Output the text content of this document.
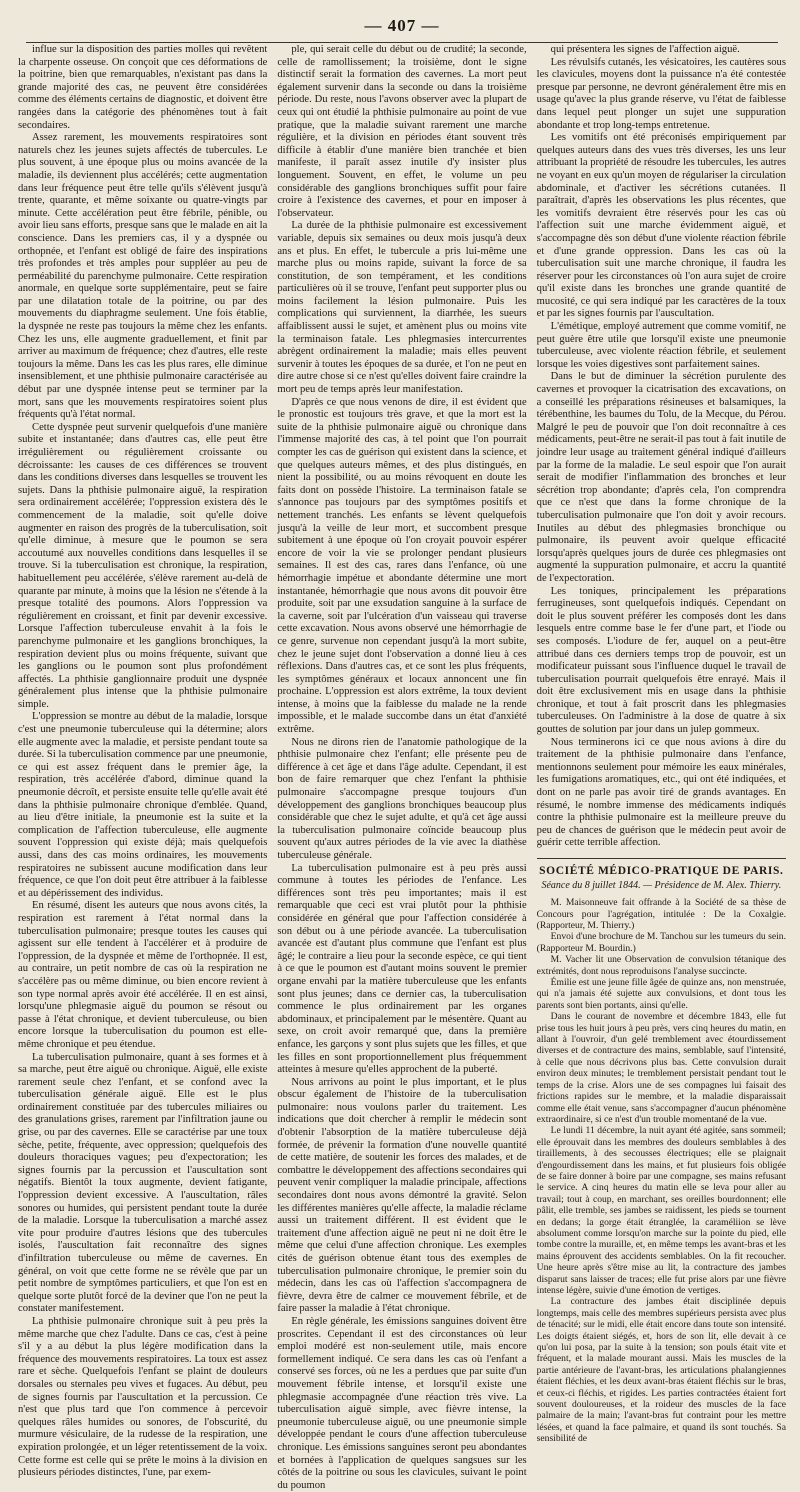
— 407 —

influe sur la disposition des parties molles qui revêtent la charpente osseuse. On conçoit que ces déformations de la poitrine, bien que remarquables, n'existant pas dans la grande majorité des cas, ne peuvent être considérées comme des éléments certains de diagnostic, et doivent être rangées dans la catégorie des phénomènes tout à fait secondaires.

Assez rarement, les mouvements respiratoires sont naturels chez les jeunes sujets affectés de tubercules. Le plus souvent, à une époque plus ou moins avancée de la maladie, ils deviennent plus accélérés; cette augmentation dans leur fréquence peut être telle qu'ils s'élèvent jusqu'à trente, quarante, et même soixante ou quatre-vingts par minute. Cette accélération peut être fébrile, pénible, ou avoir lieu sans efforts, presque sans que le malade en ait la conscience. Dans les premiers cas, il y a dyspnée ou orthopnée, et l'enfant est obligé de faire des inspirations très profondes et très amples pour suppléer au peu de perméabilité du parenchyme pulmonaire. Cette respiration anormale, en quelque sorte supplémentaire, peut se faire par une dilatation totale de la poitrine, ou par des mouvements du diaphragme seulement. Une fois établie, la dyspnée ne reste pas toujours la même chez les enfants. Chez les uns, elle augmente graduellement, et finit par arriver au maximum de fréquence; chez d'autres, elle reste toujours la même. Dans les cas les plus rares, elle diminue insensiblement, et une phthisie pulmonaire caractérisée au début par une dyspnée intense peut se terminer par la mort, sans que les mouvements respiratoires soient plus fréquents qu'à l'état normal.

Cette dyspnée peut survenir quelquefois d'une manière subite et instantanée; dans d'autres cas, elle peut être irrégulièrement ou régulièrement croissante ou décroissante: les causes de ces différences se trouvent dans les conditions diverses dans lesquelles se trouvent les sujets. Dans la phthisie pulmonaire aiguë, la respiration sera ordinairement accélérée; l'oppression existera dès le commencement de la maladie, soit qu'elle doive augmenter en raison des progrès de la tuberculisation, soit qu'elle diminue, à mesure que le poumon se sera accoutumé aux nouvelles conditions dans lesquelles il se trouve. Si la tuberculisation est chronique, la respiration, habituellement peu accélérée, s'élève rarement au-delà de quarante par minute, à moins que la lésion ne s'étende à la presque totalité des poumons. Alors l'oppression va régulièrement en croissant, et finit par devenir excessive. Lorsque l'affection tuberculeuse envahit à la fois le parenchyme pulmonaire et les ganglions bronchiques, la respiration devient plus ou moins fréquente, suivant que les ganglions ou le poumon sont plus profondément affectés. La phthisie ganglionnaire produit une dyspnée généralement plus intense que la phthisie pulmonaire simple.

L'oppression se montre au début de la maladie, lorsque c'est une pneumonie tuberculeuse qui la détermine; alors elle augmente avec la maladie, et persiste pendant toute sa durée. Si la tuberculisation commence par une pneumonie, ce qui est assez fréquent dans le premier âge, la respiration, très accélérée d'abord, diminue quand la pneumonie décroît, et persiste ensuite telle qu'elle avait été dans la phthisie pulmonaire chronique d'emblée. Quand, au lieu d'être initiale, la pneumonie est la suite et la complication de l'affection tuberculeuse, elle augmente souvent l'oppression qui existe déjà; mais quelquefois aussi, dans des cas moins ordinaires, les mouvements respiratoires ne subissent aucune modification dans leur fréquence, ce que l'on doit peut être attribuer à la faiblesse et au dépérissement des individus.

En résumé, disent les auteurs que nous avons cités, la respiration est rarement à l'état normal dans la tuberculisation pulmonaire; presque toutes les causes qui agissent sur elle tendent à l'accélérer et à produire de l'oppression, de la dyspnée et même de l'orthopnée. Il est, au contraire, un petit nombre de cas où la respiration ne s'accélère pas ou même diminue, ou bien encore revient à son type normal après avoir été accélérée. Il en est ainsi, lorsqu'une phlegmasie aiguë du poumon se résout ou passe à l'état chronique, et devient tuberculeuse, ou bien encore lorsque la tuberculisation du poumon est elle-même chronique et peu étendue.

La tuberculisation pulmonaire, quant à ses formes et à sa marche, peut être aiguë ou chronique. Aiguë, elle existe rarement seule chez l'enfant, et se confond avec la tuberculisation générale aiguë. Elle est le plus ordinairement constituée par des tubercules miliaires ou des granulations grises, rarement par l'infiltration jaune ou grise, ou par des cavernes. Elle se caractérise par une toux sèche, petite, fréquente, avec oppression; quelquefois des douleurs thoraciques vagues; peu d'expectoration; les signes fournis par la percussion et l'auscultation sont négatifs. Bientôt la toux augmente, devient fatigante, l'oppression devient excessive. A l'auscultation, râles sonores ou humides, qui persistent pendant toute la durée de la maladie. Lorsque la tuberculisation a marché assez vite pour produire d'autres lésions que des tubercules isolés, l'auscultation fait reconnaître des signes d'infiltration tuberculeuse ou même de cavernes. En général, on voit que cette forme ne se révèle que par un petit nombre de symptômes particuliers, et que l'on est en quelque sorte plutôt forcé de la deviner que l'on ne peut la constater manifestement.

La phthisie pulmonaire chronique suit à peu près la même marche que chez l'adulte. Dans ce cas, c'est à peine s'il y a au début la plus légère modification dans la fréquence des mouvements respiratoires. La toux est assez rare et sèche. Quelquefois l'enfant se plaint de douleurs dorsales ou sternales peu vives et fugaces. Au début, peu de signes fournis par l'auscultation et la percussion. Ce n'est que plus tard que l'on commence à percevoir quelques râles humides ou sonores, de l'obscurité, du murmure vésiculaire, de la rudesse de la respiration, une expiration prolongée, et un léger retentissement de la voix. Cette forme est celle qui se prête le moins à la division en plusieurs périodes distinctes, l'une, par exem-

ple, qui serait celle du début ou de crudité; la seconde, celle de ramollissement; la troisième, dont le signe distinctif serait la formation des cavernes. La mort peut également survenir dans la seconde ou dans la troisième période. Du reste, nous l'avons observer avec la plupart de ceux qui ont étudié la phthisie pulmonaire au point de vue pratique, que la maladie suivant rarement une marche régulière, et la division en périodes étant souvent très difficile à établir d'une manière bien tranchée et bien manifeste, il paraît assez inutile d'y insister plus longuement. Souvent, en effet, le volume un peu considérable des ganglions bronchiques suffit pour faire croire à l'existence des cavernes, et pour en imposer à l'observateur.

La durée de la phthisie pulmonaire est excessivement variable, depuis six semaines ou deux mois jusqu'à deux ans et plus. En effet, le tubercule a pris lui-même une marche plus ou moins rapide, suivant la force de sa constitution, de son tempérament, et les conditions particulières où il se trouve, l'enfant peut supporter plus ou moins facilement la lésion pulmonaire. Puis les complications qui surviennent, la diarrhée, les sueurs affaiblissent aussi le sujet, et amènent plus ou moins vite la terminaison fatale. Les phlegmasies intercurrentes abrègent ordinairement la maladie; mais elles peuvent survenir à toutes les époques de sa durée, et l'on ne peut en dire autre chose si ce n'est qu'elles doivent faire craindre la mort peu de temps après leur manifestation.

D'après ce que nous venons de dire, il est évident que le pronostic est toujours très grave, et que la mort est la suite de la phthisie pulmonaire aiguë ou chronique dans l'immense majorité des cas, à tel point que l'on pourrait compter les cas de guérison qui existent dans la science, et que quelques auteurs mêmes, et des plus distingués, en nient la possibilité, ou au moins révoquent en doute les faits dont on possède l'histoire. La terminaison fatale se s'annonce pas toujours par des symptômes positifs et nettement tranchés. Les enfants se lèvent quelquefois jusqu'à la veille de leur mort, et succombent presque subitement à une époque où l'on croyait pouvoir espérer encore de voir la vie se prolonger pendant plusieurs semaines. Il est des cas, rares dans l'enfance, où une hémorrhagie impétue et abondante détermine une mort instantanée, hémorrhagie que nous avons dit pouvoir être produite, soit par une exsudation sanguine à la surface de la caverne, soit par l'ulcération d'un vaisseau qui traverse cette excavation. Nous avons observé une hémorrhagie de ce genre, survenue non cependant jusqu'à la mort subite, chez le jeune sujet dont l'observation a donné lieu à ces réflexions. Dans d'autres cas, et ce sont les plus fréquents, les symptômes généraux et locaux annoncent une fin prochaine. L'oppression est alors extrême, la toux devient intense, à moins que la faiblesse du malade ne la rende impossible, et le malade succombe dans un état d'anxiété extrême.

Nous ne dirons rien de l'anatomie pathologique de la phthisie pulmonaire chez l'enfant; elle présente peu de différence à cet âge et dans l'âge adulte. Cependant, il est bon de faire remarquer que chez l'enfant la phthisie pulmonaire s'accompagne presque toujours d'un développement des ganglions bronchiques beaucoup plus considérable que chez le sujet adulte, et qu'à cet âge aussi la tuberculisation pulmonaire coïncide beaucoup plus souvent qu'aux autres périodes de la vie avec la diathèse tuberculeuse générale.

La tuberculisation pulmonaire est à peu près aussi commune à toutes les périodes de l'enfance. Les différences sont très peu importantes; mais il est remarquable que ceci est vrai plutôt pour la phthisie considérée en général que pour l'affection considérée à son début ou à une période avancée. La tuberculisation avancée est d'autant plus commune que l'enfant est plus âgé; le contraire a lieu pour la seconde espèce, ce qui tient à ce que le poumon est d'autant moins souvent le premier organe envahi par la matière tuberculeuse que les enfants sont plus jeunes; dans ce dernier cas, la tuberculisation commence le plus ordinairement par les organes abdominaux, et principalement par le mésentère. Quant au sexe, on croit avoir remarqué que, dans la première enfance, les garçons y sont plus sujets que les filles, et que les filles en sont proportionnellement plus fréquemment atteintes à mesure qu'elles approchent de la puberté.

Nous arrivons au point le plus important, et le plus obscur également de l'histoire de la tuberculisation pulmonaire: nous voulons parler du traitement. Les indications que doit chercher à remplir le médecin sont d'obtenir l'absorption de la matière tuberculeuse déjà formée, de prévenir la formation d'une nouvelle quantité de cette matière, de soutenir les forces des malades, et de combattre le développement des affections secondaires qui peuvent venir compliquer la maladie principale, affections secondaires dont nous avons démontré la gravité. Selon les différentes manières qu'elle affecte, la maladie réclame aussi un traitement différent. Il est évident que le traitement d'une affection aiguë ne peut ni ne doit être le même que celui d'une affection chronique. Les exemples cités de guérison obtenue étant tous des exemples de tuberculisation pulmonaire chronique, le premier soin du médecin, dans les cas où l'affection s'accompagnera de fièvre, devra être de calmer ce mouvement fébrile, et de faire passer la maladie à l'état chronique.

En règle générale, les émissions sanguines doivent être proscrites. Cependant il est des circonstances où leur emploi modéré est non-seulement utile, mais encore formellement indiqué. Ce sera dans les cas où l'enfant a conservé ses forces, où ne les a perdues que par suite d'un mouvement fébrile intense, et lorsqu'il existe une phlegmasie accompagnée d'une réaction très vive. La tuberculisation aiguë simple, avec fièvre intense, la pneumonie tuberculeuse aiguë, ou une pneumonie simple développée pendant le cours d'une affection tuberculeuse chronique. Les émissions sanguines seront peu abondantes et bornées à l'application de quelques sangsues sur les côtés de la poitrine ou sous les clavicules, suivant le point du poumon

qui présentera les signes de l'affection aiguë.

Les révulsifs cutanés, les vésicatoires, les cautères sous les clavicules, moyens dont la puissance n'a été contestée presque par personne, ne devront généralement être mis en usage qu'avec la plus grande réserve, vu l'état de faiblesse dans lequel peut plonger un sujet une suppuration abondante et trop long-temps entretenue.

Les vomitifs ont été préconisés empiriquement par quelques auteurs dans des vues très diverses, les uns leur attribuant la propriété de résoudre les tubercules, les autres ne voyant en eux qu'un moyen de régulariser la circulation abdominale, et d'activer les sécrétions cutanées. Il paraîtrait, d'après les observations les plus récentes, que les vomitifs devraient être réservés pour les cas où l'affection suit une marche évidemment aiguë, et s'accompagne dès son début d'une violente réaction fébrile et d'une grande oppression. Dans les cas où la tuberculisation suit une marche chronique, il faudra les réserver pour les circonstances où l'on aura sujet de croire qu'il existe dans les bronches une grande quantité de mucosité, ce qui sera indiqué par les caractères de la toux et par les signes fournis par l'auscultation.

L'émétique, employé autrement que comme vomitif, ne peut guère être utile que lorsqu'il existe une pneumonie tuberculeuse, avec violente réaction fébrile, et seulement lorsque les voies digestives sont parfaitement saines.

Dans le but de diminuer la sécrétion purulente des cavernes et provoquer la cicatrisation des excavations, on a conseillé les préparations résineuses et balsamiques, la térébenthine, les baumes du Tolu, de la Mecque, du Pérou. Malgré le peu de pouvoir que l'on doit reconnaître à ces médicaments, peut-être ne serait-il pas tout à fait inutile de joindre leur usage au traitement général indiqué d'ailleurs par la forme de la maladie. Le seul espoir que l'on aurait serait de modifier l'inflammation des bronches et leur sécrétion trop abondante; d'après cela, l'on comprendra que ce n'est que dans la forme chronique de la tuberculisation pulmonaire que l'on doit y avoir recours. Inutiles au début des phlegmasies bronchique ou pulmonaire, ils peuvent avoir quelque efficacité lorsqu'après quelques jours de durée ces phlegmasies ont augmenté la suppuration pulmonaire, et accru la quantité de l'expectoration.

Les toniques, principalement les préparations ferrugineuses, sont quelquefois indiqués. Cependant on doit le plus souvent préférer les composés dont les dans lesquels entre comme base le fer d'une part, et l'iode ou ses composés. L'iodure de fer, auquel on a peut-être attribué dans ces derniers temps trop de pouvoir, est un modificateur puissant sous l'influence duquel le travail de tuberculisation pourrait quelquefois être enrayé. Mais il doit être exclusivement mis en usage dans la phthisie chronique, et tout à fait proscrit dans les phlegmasies tuberculeuses. On l'administre à la dose de quatre à six gouttes de solution par jour dans un julep gommeux.

Nous terminerons ici ce que nous avions à dire du traitement de la phthisie pulmonaire dans l'enfance, mentionnons seulement pour mémoire les eaux minérales, les fumigations aromatiques, etc., qui ont été indiquées, et dont on ne parle pas avoir tiré de grands avantages. En résumé, le nombre immense des médicaments indiqués contre la phthisie pulmonaire est la meilleure preuve du peu de chances de guérison que le médecin peut avoir de guérir cette terrible affection.

SOCIÉTÉ MÉDICO-PRATIQUE DE PARIS.
Séance du 8 juillet 1844. — Présidence de M. Alex. Thierry.

M. Maisonneuve fait offrande à la Société de sa thèse de Concours pour l'agrégation, intitulée : De la Coxalgie. (Rapporteur, M. Thierry.)

Envoi d'une brochure de M. Tanchou sur les tumeurs du sein. (Rapporteur M. Bourdin.)

M. Vacher lit une Observation de convulsion tétanique des extrémités, dont nous reproduisons l'analyse succincte.

Émilie est une jeune fille âgée de quinze ans, non menstruée, qui n'a jamais été sujette aux convulsions, et dont tous les parents sont bien portants, ainsi qu'elle.

Dans le courant de novembre et décembre 1843, elle fut prise tous les huit jours à peu près, vers cinq heures du matin, en allant à l'ouvroir, d'un gelé tremblement avec étourdissement diverses et de contracture des mains, semblable, sauf l'intensité, à celle que nous décrivons plus bas. Cette convulsion durait environ deux minutes; le tremblement persistait pendant tout le temps de la crise. Alors une de ses compagnes lui faisait des frictions rapides sur le membre, et la maladie disparaissait comme elle était venue, sans s'accompagner d'aucun phénomène extraordinaire, si ce n'est d'un trouble momentané de la vue.

Le lundi 11 décembre, la nuit ayant été agitée, sans sommeil; elle éprouvait dans les membres des douleurs semblables à des tiraillements, à des secousses électriques; elle se plaignait d'engourdissement dans les mains, et fut plusieurs fois obligée de se faire donner à boire par une compagne, ses mains refusant le service. A cinq heures du matin elle se leva pour aller au travail; tout à coup, en marchant, ses oreilles bourdonnent; elle pâlit, elle tremble, ses jambes se raidissent, les pieds se tournent en dedans; la gorge était étranglée, la caraméliion se lève absolument comme lorsqu'on marche sur la pointe du pied, elle tombe contre la muraille, et, en même temps les avant-bras et les mains éprouvent des accidents semblables. On la fit recoucher. Une heure après s'être mise au lit, la contracture des jambes disparut sans laisser de traces; elle fut prise alors par une fièvre intense légère, suivie d'une émotion de vertiges.

La contracture des jambes était disciplinée depuis longtemps, mais celle des membres supérieurs persista avec plus de ténacité; sur le midi, elle était encore dans toute son intensité. Les doigts étaient siégés, et, hors de son lit, elle devait à ce qu'on lui posa, par la suite à la tension; son pouls était vite et fréquent, et la malade mourant aussi. Mais les muscles de la partie antérieure de l'avant-bras, les articulations phalangiennes étaient fléchies, et les deux avant-bras étaient fléchis sur le bras, et ceux-ci fléchis, et rigides. Les parties contractées étaient fort souvent douloureuses, et la roideur des muscles de la face palmaire de la main; l'avant-bras fut contraint pour les mettre lésées, et quand la face palmaire, et quand ils sont touchés. Sa sensibilité de
